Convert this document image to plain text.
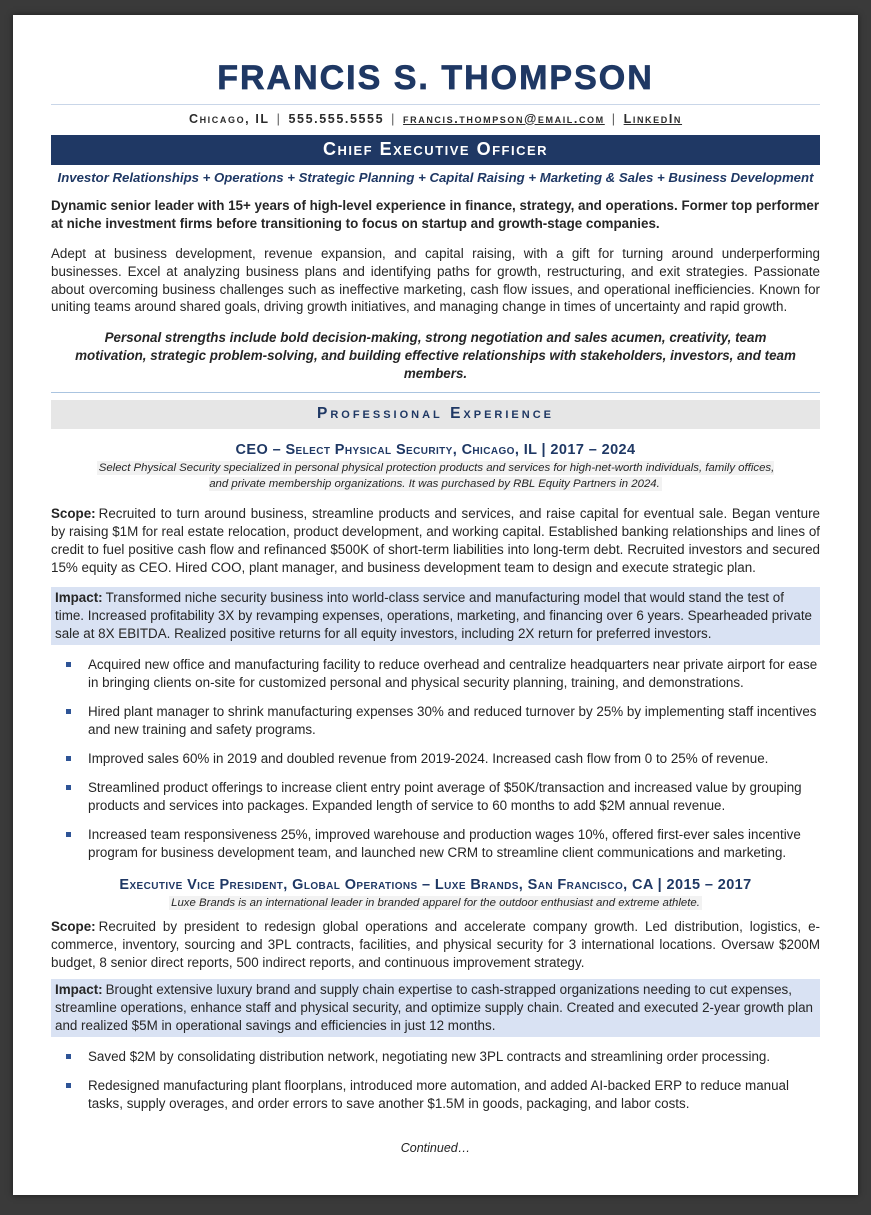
FRANCIS S. THOMPSON
Chicago, IL | 555.555.5555 | francis.thompson@email.com | LinkedIn
Chief Executive Officer
Investor Relationships + Operations + Strategic Planning + Capital Raising + Marketing & Sales + Business Development

Dynamic senior leader with 15+ years of high-level experience in finance, strategy, and operations. Former top performer at niche investment firms before transitioning to focus on startup and growth-stage companies.

Adept at business development, revenue expansion, and capital raising, with a gift for turning around underperforming businesses. Excel at analyzing business plans and identifying paths for growth, restructuring, and exit strategies. Passionate about overcoming business challenges such as ineffective marketing, cash flow issues, and operational inefficiencies. Known for uniting teams around shared goals, driving growth initiatives, and managing change in times of uncertainty and rapid growth.

Personal strengths include bold decision-making, strong negotiation and sales acumen, creativity, team motivation, strategic problem-solving, and building effective relationships with stakeholders, investors, and team members.

Professional Experience
CEO – Select Physical Security, Chicago, IL | 2017 – 2024
Select Physical Security specialized in personal physical protection products and services for high-net-worth individuals, family offices, and private membership organizations. It was purchased by RBL Equity Partners in 2024.

Scope: Recruited to turn around business, streamline products and services, and raise capital for eventual sale. Began venture by raising $1M for real estate relocation, product development, and working capital. Established banking relationships and lines of credit to fuel positive cash flow and refinanced $500K of short-term liabilities into long-term debt. Recruited investors and secured 15% equity as CEO. Hired COO, plant manager, and business development team to design and execute strategic plan.

Impact: Transformed niche security business into world-class service and manufacturing model that would stand the test of time. Increased profitability 3X by revamping expenses, operations, marketing, and financing over 6 years. Spearheaded private sale at 8X EBITDA. Realized positive returns for all equity investors, including 2X return for preferred investors.

Acquired new office and manufacturing facility to reduce overhead and centralize headquarters near private airport for ease in bringing clients on-site for customized personal and physical security planning, training, and demonstrations.
Hired plant manager to shrink manufacturing expenses 30% and reduced turnover by 25% by implementing staff incentives and new training and safety programs.
Improved sales 60% in 2019 and doubled revenue from 2019-2024. Increased cash flow from 0 to 25% of revenue.
Streamlined product offerings to increase client entry point average of $50K/transaction and increased value by grouping products and services into packages. Expanded length of service to 60 months to add $2M annual revenue.
Increased team responsiveness 25%, improved warehouse and production wages 10%, offered first-ever sales incentive program for business development team, and launched new CRM to streamline client communications and marketing.
Executive Vice President, Global Operations – Luxe Brands, San Francisco, CA | 2015 – 2017
Luxe Brands is an international leader in branded apparel for the outdoor enthusiast and extreme athlete.

Scope: Recruited by president to redesign global operations and accelerate company growth. Led distribution, logistics, e-commerce, inventory, sourcing and 3PL contracts, facilities, and physical security for 3 international locations. Oversaw $200M budget, 8 senior direct reports, 500 indirect reports, and continuous improvement strategy.

Impact: Brought extensive luxury brand and supply chain expertise to cash-strapped organizations needing to cut expenses, streamline operations, enhance staff and physical security, and optimize supply chain. Created and executed 2-year growth plan and realized $5M in operational savings and efficiencies in just 12 months.

Saved $2M by consolidating distribution network, negotiating new 3PL contracts and streamlining order processing.
Redesigned manufacturing plant floorplans, introduced more automation, and added AI-backed ERP to reduce manual tasks, supply overages, and order errors to save another $1.5M in goods, packaging, and labor costs.
Continued…
